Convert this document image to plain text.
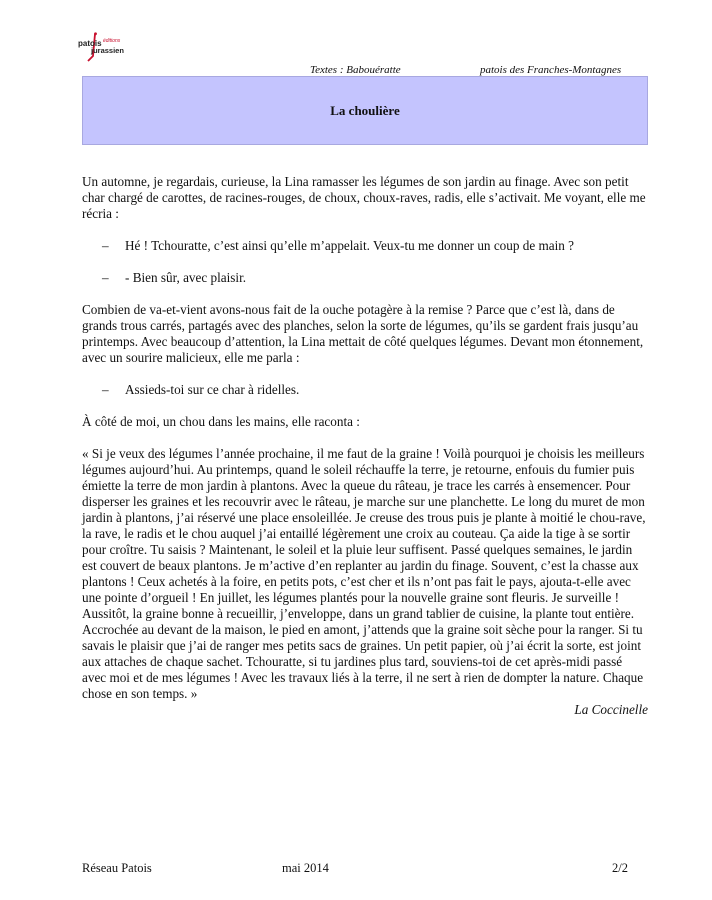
patois
jurassien
éditions
Textes : Babouératte	patois des Franches-Montagnes
La choulière

Un automne, je regardais, curieuse, la Lina ramasser les légumes de son jardin au finage. Avec son petit char chargé de carottes, de racines-rouges, de choux, choux-raves, radis, elle s’activait. Me voyant, elle me récria :

– Hé ! Tchouratte, c’est ainsi qu’elle m’appelait. Veux-tu me donner un coup de main ?
– - Bien sûr, avec plaisir.

Combien de va-et-vient avons-nous fait de la ouche potagère à la remise ? Parce que c’est là, dans de grands trous carrés, partagés avec des planches, selon la sorte de légumes, qu’ils se gardent frais jusqu’au printemps. Avec beaucoup d’attention, la Lina mettait de côté quelques légumes. Devant mon étonnement, avec un sourire malicieux, elle me parla :

– Assieds-toi sur ce char à ridelles.

À côté de moi, un chou dans les mains, elle raconta :

« Si je veux des légumes l’année prochaine, il me faut de la graine ! Voilà pourquoi je choisis les meilleurs légumes aujourd’hui. Au printemps, quand le soleil réchauffe la terre, je retourne, enfouis du fumier puis émiette la terre de mon jardin à plantons. Avec la queue du râteau, je trace les carrés à ensemencer. Pour disperser les graines et les recouvrir avec le râteau, je marche sur une planchette. Le long du muret de mon jardin à plantons, j’ai réservé une place ensoleillée. Je creuse des trous puis je plante à moitié le chou-rave, la rave, le radis et le chou auquel j’ai entaillé légèrement une croix au couteau. Ça aide la tige à se sortir pour croître. Tu saisis ? Maintenant, le soleil et la pluie leur suffisent. Passé quelques semaines, le jardin est couvert de beaux plantons. Je m’active d’en replanter au jardin du finage. Souvent, c’est la chasse aux plantons ! Ceux achetés à la foire, en petits pots, c’est cher et ils n’ont pas fait le pays, ajouta-t-elle avec une pointe d’orgueil ! En juillet, les légumes plantés pour la nouvelle graine sont fleuris. Je surveille ! Aussitôt, la graine bonne à recueillir, j’enveloppe, dans un grand tablier de cuisine, la plante tout entière. Accrochée au devant de la maison, le pied en amont, j’attends que la graine soit sèche pour la ranger. Si tu savais le plaisir que j’ai de ranger mes petits sacs de graines. Un petit papier, où j’ai écrit la sorte, est joint aux attaches de chaque sachet. Tchouratte, si tu jardines plus tard, souviens-toi de cet après-midi passé avec moi et de mes légumes ! Avec les travaux liés à la terre, il ne sert à rien de dompter la nature. Chaque chose en son temps. »

La Coccinelle

Réseau Patois	mai 2014	2/2
